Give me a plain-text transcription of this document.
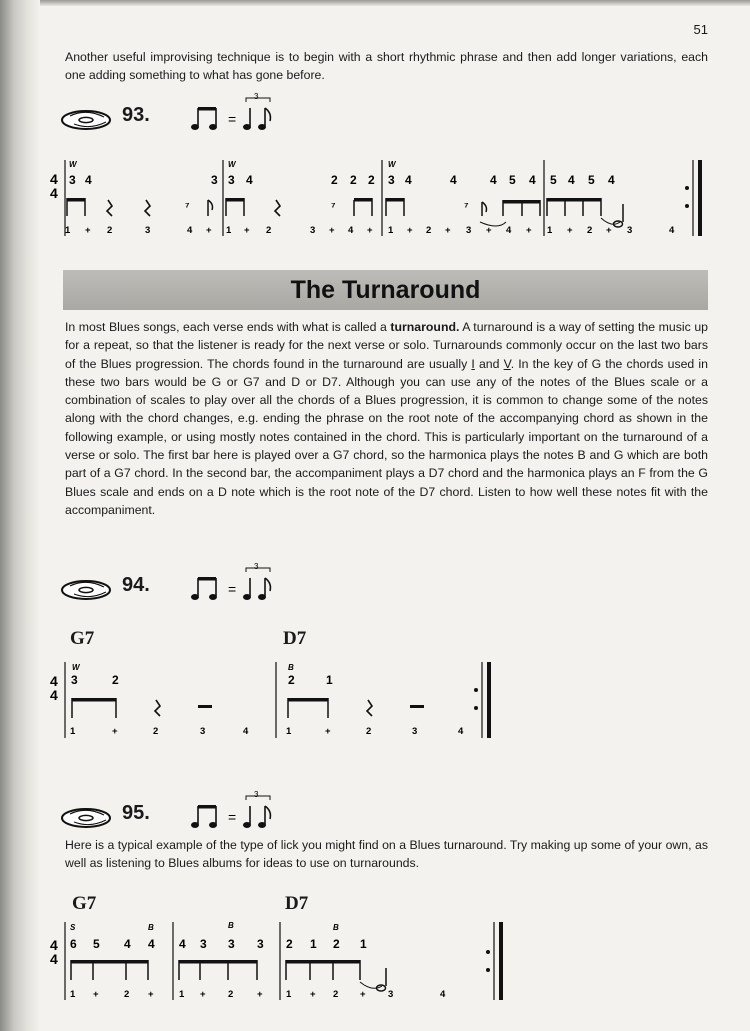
51

Another useful improvising technique is to begin with a short rhythmic phrase and then add longer variations, each one adding something to what has gone before.

93.	=
3
4
4
W	W	W
3 4	3 3 4	2 2 2 3 4	4	4 5 4 5 4 5 4
⁷	⁷	⁷
1 + 2	3	4 + 1 + 2	3 + 4 + 1 + 2 + 3 + 4 + 1 + 2 + 3	4
The Turnaround

In most Blues songs, each verse ends with what is called a turnaround. A turnaround is a way of setting the music up for a repeat, so that the listener is ready for the next verse or solo. Turnarounds commonly occur on the last two bars of the Blues progression. The chords found in the turnaround are usually I and V. In the key of G the chords used in these two bars would be G or G7 and D or D7. Although you can use any of the notes of the Blues scale or a combination of scales to play over all the chords of a Blues progression, it is common to change some of the notes along with the chord changes, e.g. ending the phrase on the root note of the accompanying chord as shown in the following example, or using mostly notes contained in the chord. This is particularly important on the turnaround of a verse or solo. The first bar here is played over a G7 chord, so the harmonica plays the notes B and G which are both part of a G7 chord. In the second bar, the accompaniment plays a D7 chord and the harmonica plays an F from the G Blues scale and ends on a D note which is the root note of the D7 chord. Listen to how well these notes fit with the accompaniment.

94.	=
3
G7	D7
4
4
W	B
3	2	2	1
1	+	2	3	4	1	+	2	3	4
95.	=
3

Here is a typical example of the type of lick you might find on a Blues turnaround. Try making up some of your own, as well as listening to Blues albums for ideas to use on turnarounds.

G7	D7
4
4
S	B	B	B
6 5 4 4 4 3 3 3 2 1 2 1
1 +	2 +	1 + 2 + 1 + 2 + 3	4
